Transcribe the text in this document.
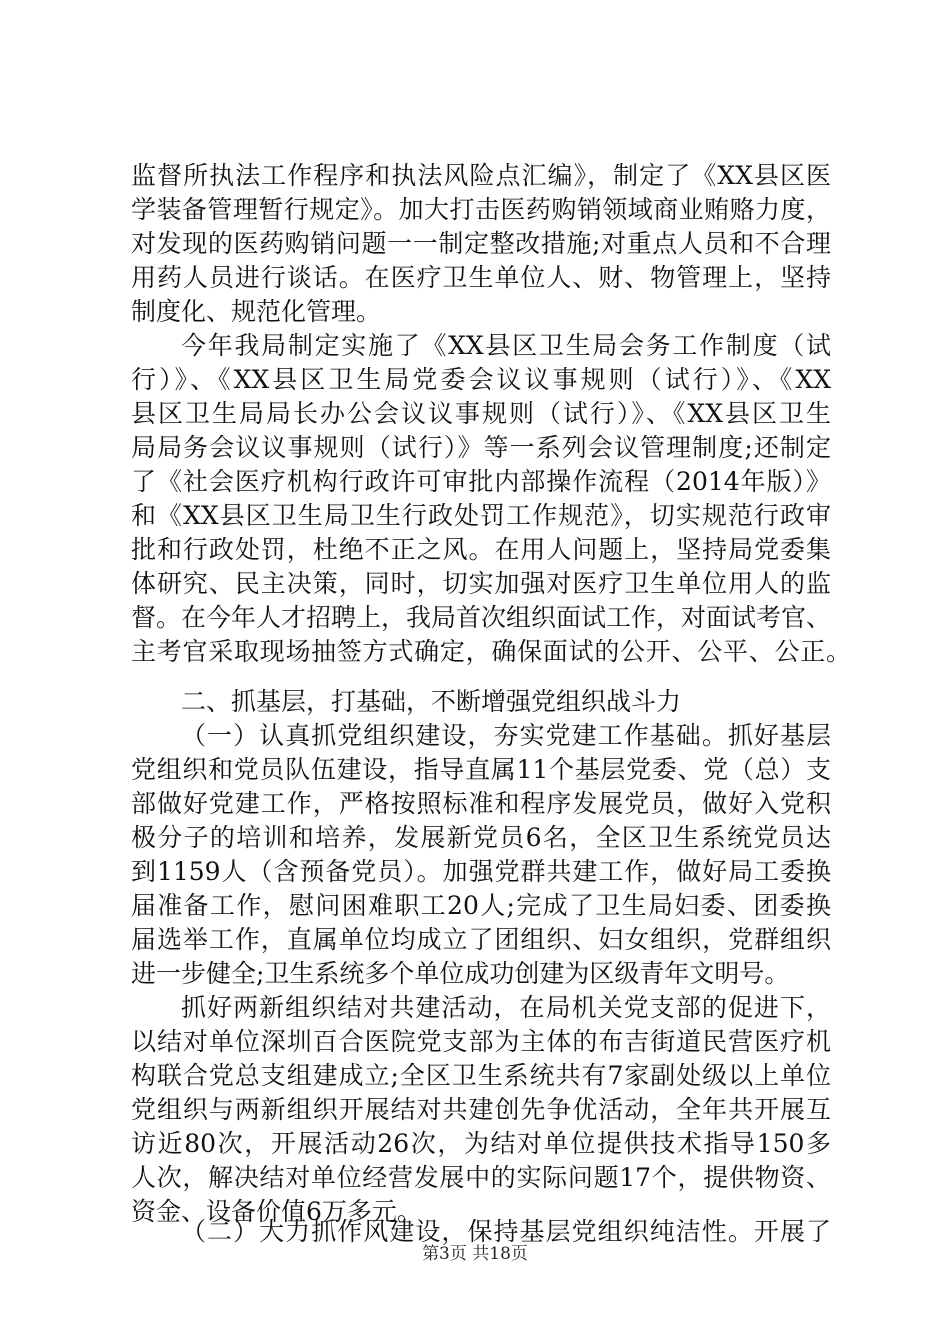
监督所执法工作程序和执法风险点汇编》，制定了《XX县区医

学装备管理暂行规定》。加大打击医药购销领域商业贿赂力度，

对发现的医药购销问题一一制定整改措施;对重点人员和不合理

用药人员进行谈话。在医疗卫生单位人、财、物管理上，坚持

制度化、规范化管理。

今年我局制定实施了《XX县区卫生局会务工作制度（试

行）》、《XX县区卫生局党委会议议事规则（试行）》、《XX

县区卫生局局长办公会议议事规则（试行）》、《XX县区卫生

局局务会议议事规则（试行）》等一系列会议管理制度;还制定

了《社会医疗机构行政许可审批内部操作流程（2014年版）》

和《XX县区卫生局卫生行政处罚工作规范》，切实规范行政审

批和行政处罚，杜绝不正之风。在用人问题上，坚持局党委集

体研究、民主决策，同时，切实加强对医疗卫生单位用人的监

督。在今年人才招聘上，我局首次组织面试工作，对面试考官、

主考官采取现场抽签方式确定，确保面试的公开、公平、公正。

二、抓基层，打基础，不断增强党组织战斗力

（一）认真抓党组织建设，夯实党建工作基础。抓好基层

党组织和党员队伍建设，指导直属11个基层党委、党（总）支

部做好党建工作，严格按照标准和程序发展党员，做好入党积

极分子的培训和培养，发展新党员6名，全区卫生系统党员达

到1159人（含预备党员）。加强党群共建工作，做好局工委换

届准备工作，慰问困难职工20人;完成了卫生局妇委、团委换

届选举工作，直属单位均成立了团组织、妇女组织，党群组织

进一步健全;卫生系统多个单位成功创建为区级青年文明号。

抓好两新组织结对共建活动，在局机关党支部的促进下，

以结对单位深圳百合医院党支部为主体的布吉街道民营医疗机

构联合党总支组建成立;全区卫生系统共有7家副处级以上单位

党组织与两新组织开展结对共建创先争优活动，全年共开展互

访近80次，开展活动26次，为结对单位提供技术指导150多

人次，解决结对单位经营发展中的实际问题17个，提供物资、

资金、设备价值6万多元。

（二）大力抓作风建设，保持基层党组织纯洁性。开展了

第3页 共18页
